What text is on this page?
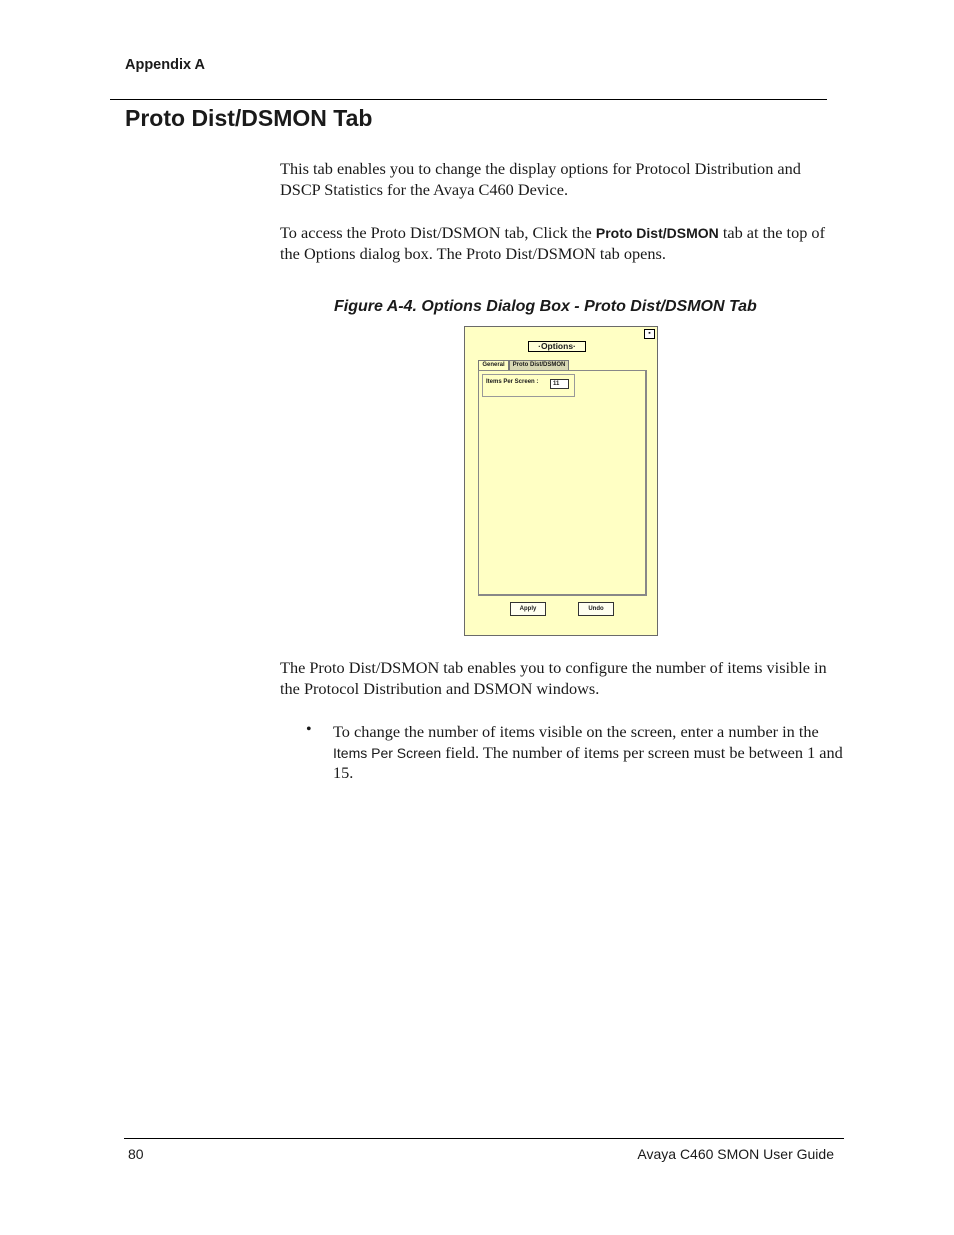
Appendix A
Proto Dist/DSMON Tab

This tab enables you to change the display options for Protocol Distribution and DSCP Statistics for the Avaya C460 Device.

To access the Proto Dist/DSMON tab, Click the Proto Dist/DSMON tab at the top of the Options dialog box. The Proto Dist/DSMON tab opens.

Figure A-4. Options Dialog Box - Proto Dist/DSMON Tab
▪
·Options·
General	Proto Dist/DSMON
Items Per Screen :	11
Apply	Undo

The Proto Dist/DSMON tab enables you to configure the number of items visible in the Protocol Distribution and DSMON windows.

• To change the number of items visible on the screen, enter a number in the Items Per Screen field. The number of items per screen must be between 1 and 15.

80	Avaya C460 SMON User Guide
